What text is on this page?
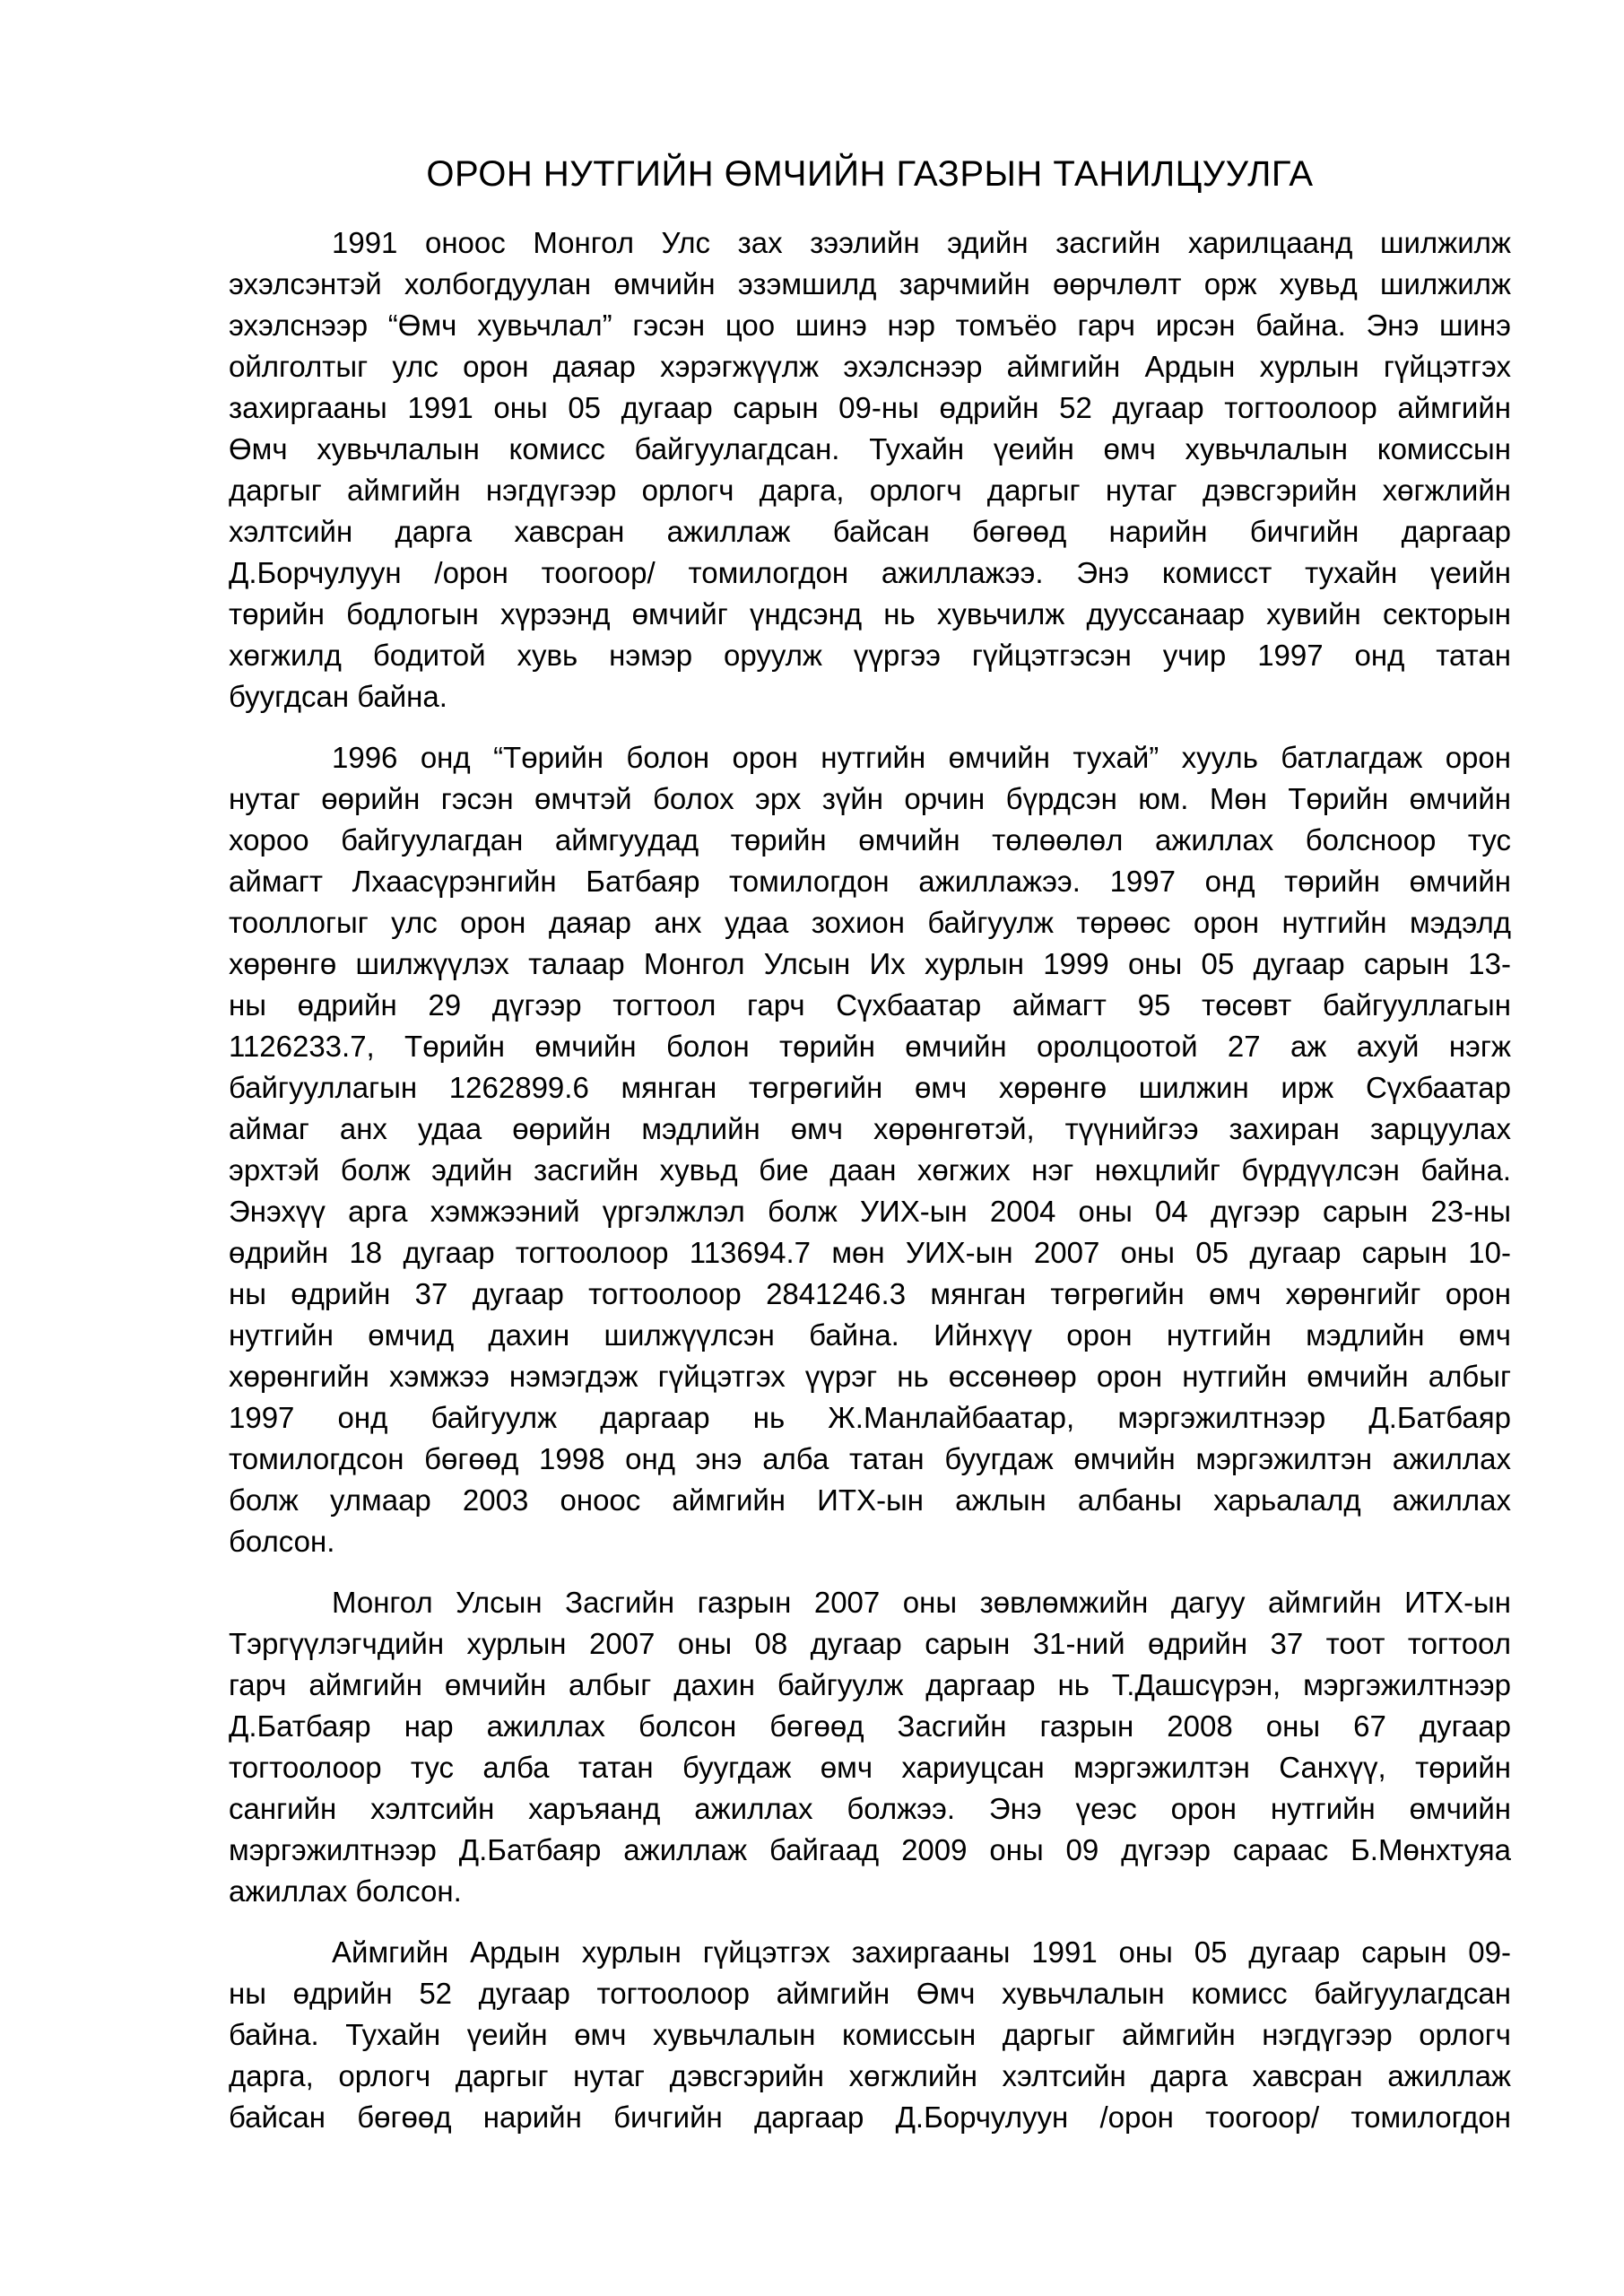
ОРОН НУТГИЙН ӨМЧИЙН ГАЗРЫН ТАНИЛЦУУЛГА
1991 оноос Монгол Улс зах зээлийн эдийн засгийн харилцаанд шилжилж
эхэлсэнтэй холбогдуулан өмчийн эзэмшилд зарчмийн өөрчлөлт орж хувьд шилжилж
эхэлснээр “Өмч хувьчлал” гэсэн цоо шинэ нэр томъёо гарч ирсэн байна. Энэ шинэ
ойлголтыг улс орон даяар хэрэгжүүлж эхэлснээр аймгийн Ардын хурлын гүйцэтгэх
захиргааны 1991 оны 05 дугаар сарын 09-ны өдрийн 52 дугаар тогтоолоор аймгийн
Өмч хувьчлалын комисс байгуулагдсан. Тухайн үеийн өмч хувьчлалын комиссын
даргыг аймгийн нэгдүгээр орлогч дарга, орлогч даргыг нутаг дэвсгэрийн хөгжлийн
хэлтсийн дарга хавсран ажиллаж байсан бөгөөд нарийн бичгийн даргаар
Д.Борчулуун /орон тоогоор/ томилогдон ажиллажээ. Энэ комисст тухайн үеийн
төрийн бодлогын хүрээнд өмчийг үндсэнд нь хувьчилж дууссанаар хувийн секторын
хөгжилд бодитой хувь нэмэр оруулж үүргээ гүйцэтгэсэн учир 1997 онд татан
буугдсан байна.
1996 онд “Төрийн болон орон нутгийн өмчийн тухай” хууль батлагдаж орон
нутаг өөрийн гэсэн өмчтэй болох эрх зүйн орчин бүрдсэн юм. Мөн Төрийн өмчийн
хороо байгуулагдан аймгуудад төрийн өмчийн төлөөлөл ажиллах болсноор тус
аймагт Лхаасүрэнгийн Батбаяр томилогдон ажиллажээ. 1997 онд төрийн өмчийн
тооллогыг улс орон даяар анх удаа зохион байгуулж төрөөс орон нутгийн мэдэлд
хөрөнгө шилжүүлэх талаар Монгол Улсын Их хурлын 1999 оны 05 дугаар сарын 13-
ны өдрийн 29 дүгээр тогтоол гарч Сүхбаатар аймагт 95 төсөвт байгууллагын
1126233.7, Төрийн өмчийн болон төрийн өмчийн оролцоотой 27 аж ахуй нэгж
байгууллагын 1262899.6 мянган төгрөгийн өмч хөрөнгө шилжин ирж Сүхбаатар
аймаг анх удаа өөрийн мэдлийн өмч хөрөнгөтэй, түүнийгээ захиран зарцуулах
эрхтэй болж эдийн засгийн хувьд бие даан хөгжих нэг нөхцлийг бүрдүүлсэн байна.
Энэхүү арга хэмжээний үргэлжлэл болж УИХ-ын 2004 оны 04 дүгээр сарын 23-ны
өдрийн 18 дугаар тогтоолоор 113694.7 мөн УИХ-ын 2007 оны 05 дугаар сарын 10-
ны өдрийн 37 дугаар тогтоолоор 2841246.3 мянган төгрөгийн өмч хөрөнгийг орон
нутгийн өмчид дахин шилжүүлсэн байна. Ийнхүү орон нутгийн мэдлийн өмч
хөрөнгийн хэмжээ нэмэгдэж гүйцэтгэх үүрэг нь өссөнөөр орон нутгийн өмчийн албыг
1997 онд байгуулж даргаар нь Ж.Манлайбаатар, мэргэжилтнээр Д.Батбаяр
томилогдсон бөгөөд 1998 онд энэ алба татан буугдаж өмчийн мэргэжилтэн ажиллах
болж улмаар 2003 оноос аймгийн ИТХ-ын ажлын албаны харьалалд ажиллах
болсон.
Монгол Улсын Засгийн газрын 2007 оны зөвлөмжийн дагуу аймгийн ИТХ-ын
Тэргүүлэгчдийн хурлын 2007 оны 08 дугаар сарын 31-ний өдрийн 37 тоот тогтоол
гарч аймгийн өмчийн албыг дахин байгуулж даргаар нь Т.Дашсүрэн, мэргэжилтнээр
Д.Батбаяр нар ажиллах болсон бөгөөд Засгийн газрын 2008 оны 67 дугаар
тогтоолоор тус алба татан буугдаж өмч хариуцсан мэргэжилтэн Санхүү, төрийн
сангийн хэлтсийн харъяанд ажиллах болжээ. Энэ үеэс орон нутгийн өмчийн
мэргэжилтнээр Д.Батбаяр ажиллаж байгаад 2009 оны 09 дүгээр сараас Б.Мөнхтуяа
ажиллах болсон.
Аймгийн Ардын хурлын гүйцэтгэх захиргааны 1991 оны 05 дугаар сарын 09-
ны өдрийн 52 дугаар тогтоолоор аймгийн Өмч хувьчлалын комисс байгуулагдсан
байна. Тухайн үеийн өмч хувьчлалын комиссын даргыг аймгийн нэгдүгээр орлогч
дарга, орлогч даргыг нутаг дэвсгэрийн хөгжлийн хэлтсийн дарга хавсран ажиллаж
байсан бөгөөд нарийн бичгийн даргаар Д.Борчулуун /орон тоогоор/ томилогдон
